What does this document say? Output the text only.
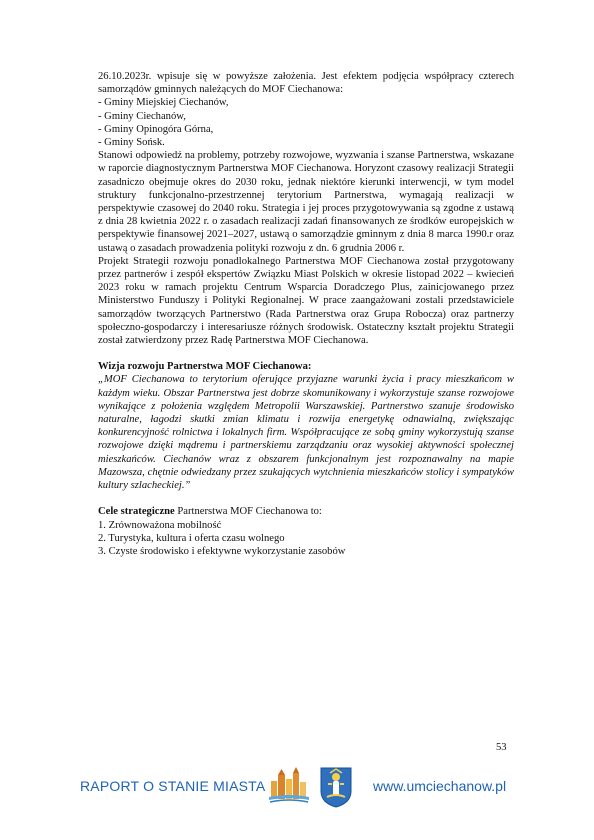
26.10.2023r. wpisuje się w powyższe założenia. Jest efektem podjęcia współpracy czterech samorządów gminnych należących do MOF Ciechanowa:

- Gminy Miejskiej Ciechanów,

- Gminy Ciechanów,

- Gminy Opinogóra Górna,

- Gminy Sońsk.

Stanowi odpowiedź na problemy, potrzeby rozwojowe, wyzwania i szanse Partnerstwa, wskazane w raporcie diagnostycznym Partnerstwa MOF Ciechanowa. Horyzont czasowy realizacji Strategii zasadniczo obejmuje okres do 2030 roku, jednak niektóre kierunki interwencji, w tym model struktury funkcjonalno-przestrzennej terytorium Partnerstwa, wymagają realizacji w perspektywie czasowej do 2040 roku. Strategia i jej proces przygotowywania są zgodne z ustawą z dnia 28 kwietnia 2022 r. o zasadach realizacji zadań finansowanych ze środków europejskich w perspektywie finansowej 2021–2027, ustawą o samorządzie gminnym z dnia 8 marca 1990.r oraz ustawą o zasadach prowadzenia polityki rozwoju z dn. 6 grudnia 2006 r.

Projekt Strategii rozwoju ponadlokalnego Partnerstwa MOF Ciechanowa został przygotowany przez partnerów i zespół ekspertów Związku Miast Polskich w okresie listopad 2022 – kwiecień 2023 roku w ramach projektu Centrum Wsparcia Doradczego Plus, zainicjowanego przez Ministerstwo Funduszy i Polityki Regionalnej. W prace zaangażowani zostali przedstawiciele samorządów tworzących Partnerstwo (Rada Partnerstwa oraz Grupa Robocza) oraz partnerzy społeczno-gospodarczy i interesariusze różnych środowisk. Ostateczny kształt projektu Strategii został zatwierdzony przez Radę Partnerstwa MOF Ciechanowa.

Wizja rozwoju Partnerstwa MOF Ciechanowa:

„MOF Ciechanowa to terytorium oferujące przyjazne warunki życia i pracy mieszkańcom w każdym wieku. Obszar Partnerstwa jest dobrze skomunikowany i wykorzystuje szanse rozwojowe wynikające z położenia względem Metropolii Warszawskiej. Partnerstwo szanuje środowisko naturalne, łagodzi skutki zmian klimatu i rozwija energetykę odnawialną, zwiększając konkurencyjność rolnictwa i lokalnych firm. Współpracujące ze sobą gminy wykorzystują szanse rozwojowe dzięki mądremu i partnerskiemu zarządzaniu oraz wysokiej aktywności społecznej mieszkańców. Ciechanów wraz z obszarem funkcjonalnym jest rozpoznawalny na mapie Mazowsza, chętnie odwiedzany przez szukających wytchnienia mieszkańców stolicy i sympatyków kultury szlacheckiej.”

Cele strategiczne Partnerstwa MOF Ciechanowa to:

1. Zrównoważona mobilność

2. Turystyka, kultura i oferta czasu wolnego

3. Czyste środowisko i efektywne wykorzystanie zasobów

53
RAPORT O STANIE MIASTA	www.umciechanow.pl
